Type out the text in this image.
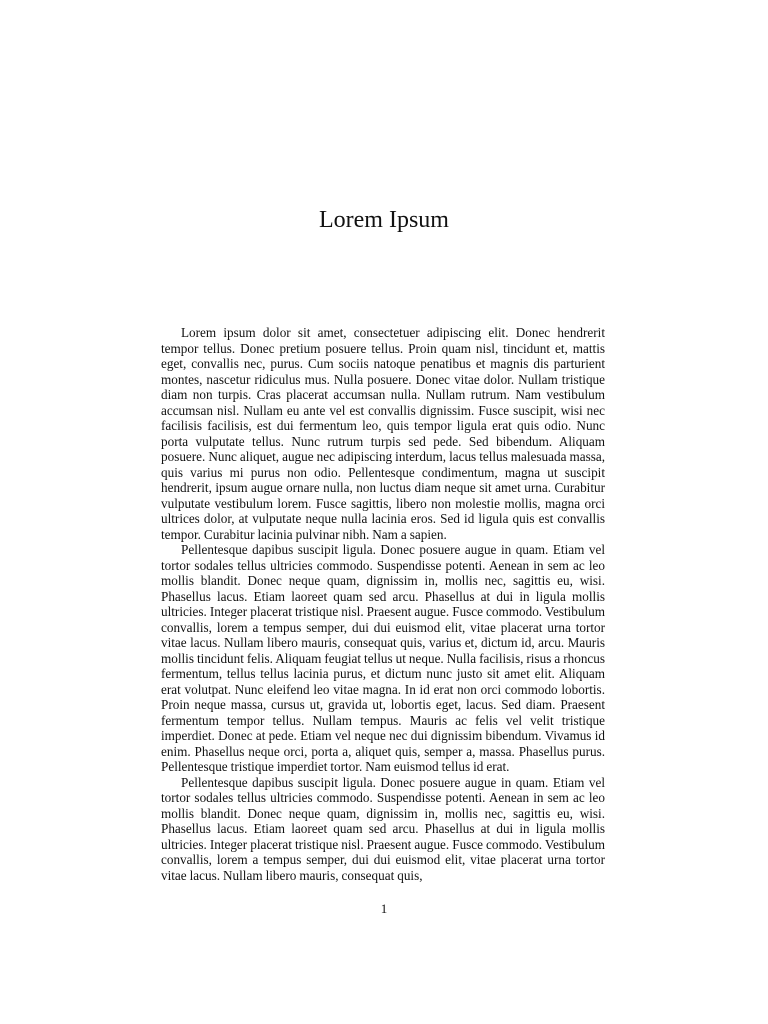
Lorem Ipsum

Lorem ipsum dolor sit amet, consectetuer adipiscing elit. Donec hendrerit tempor tellus. Donec pretium posuere tellus. Proin quam nisl, tincidunt et, mattis eget, convallis nec, purus. Cum sociis natoque penatibus et magnis dis parturient montes, nascetur ridiculus mus. Nulla posuere. Donec vitae dolor. Nullam tristique diam non turpis. Cras placerat accumsan nulla. Nullam rutrum. Nam vestibulum accumsan nisl. Nullam eu ante vel est convallis dignissim. Fusce suscipit, wisi nec facilisis facilisis, est dui fermentum leo, quis tempor ligula erat quis odio. Nunc porta vulputate tellus. Nunc rutrum turpis sed pede. Sed bibendum. Aliquam posuere. Nunc aliquet, augue nec adipiscing interdum, lacus tellus malesuada massa, quis varius mi purus non odio. Pellentesque condimentum, magna ut suscipit hendrerit, ipsum augue ornare nulla, non luctus diam neque sit amet urna. Curabitur vulputate vestibulum lorem. Fusce sagittis, libero non molestie mollis, magna orci ultrices dolor, at vulputate neque nulla lacinia eros. Sed id ligula quis est convallis tempor. Curabitur lacinia pulvinar nibh. Nam a sapien.

Pellentesque dapibus suscipit ligula. Donec posuere augue in quam. Etiam vel tortor sodales tellus ultricies commodo. Suspendisse potenti. Aenean in sem ac leo mollis blandit. Donec neque quam, dignissim in, mollis nec, sagittis eu, wisi. Phasellus lacus. Etiam laoreet quam sed arcu. Phasellus at dui in ligula mollis ultricies. Integer placerat tristique nisl. Praesent augue. Fusce commodo. Vestibulum convallis, lorem a tempus semper, dui dui euismod elit, vitae placerat urna tortor vitae lacus. Nullam libero mauris, consequat quis, varius et, dictum id, arcu. Mauris mollis tincidunt felis. Aliquam feugiat tellus ut neque. Nulla facilisis, risus a rhoncus fermentum, tellus tellus lacinia purus, et dictum nunc justo sit amet elit. Aliquam erat volutpat. Nunc eleifend leo vitae magna. In id erat non orci commodo lobortis. Proin neque massa, cursus ut, gravida ut, lobortis eget, lacus. Sed diam. Praesent fermentum tempor tellus. Nullam tempus. Mauris ac felis vel velit tristique imperdiet. Donec at pede. Etiam vel neque nec dui dignissim bibendum. Vivamus id enim. Phasellus neque orci, porta a, aliquet quis, semper a, massa. Phasellus purus. Pellentesque tristique imperdiet tortor. Nam euismod tellus id erat.

Pellentesque dapibus suscipit ligula. Donec posuere augue in quam. Etiam vel tortor sodales tellus ultricies commodo. Suspendisse potenti. Aenean in sem ac leo mollis blandit. Donec neque quam, dignissim in, mollis nec, sagittis eu, wisi. Phasellus lacus. Etiam laoreet quam sed arcu. Phasellus at dui in ligula mollis ultricies. Integer placerat tristique nisl. Praesent augue. Fusce commodo. Vestibulum convallis, lorem a tempus semper, dui dui euismod elit, vitae placerat urna tortor vitae lacus. Nullam libero mauris, consequat quis,

1
